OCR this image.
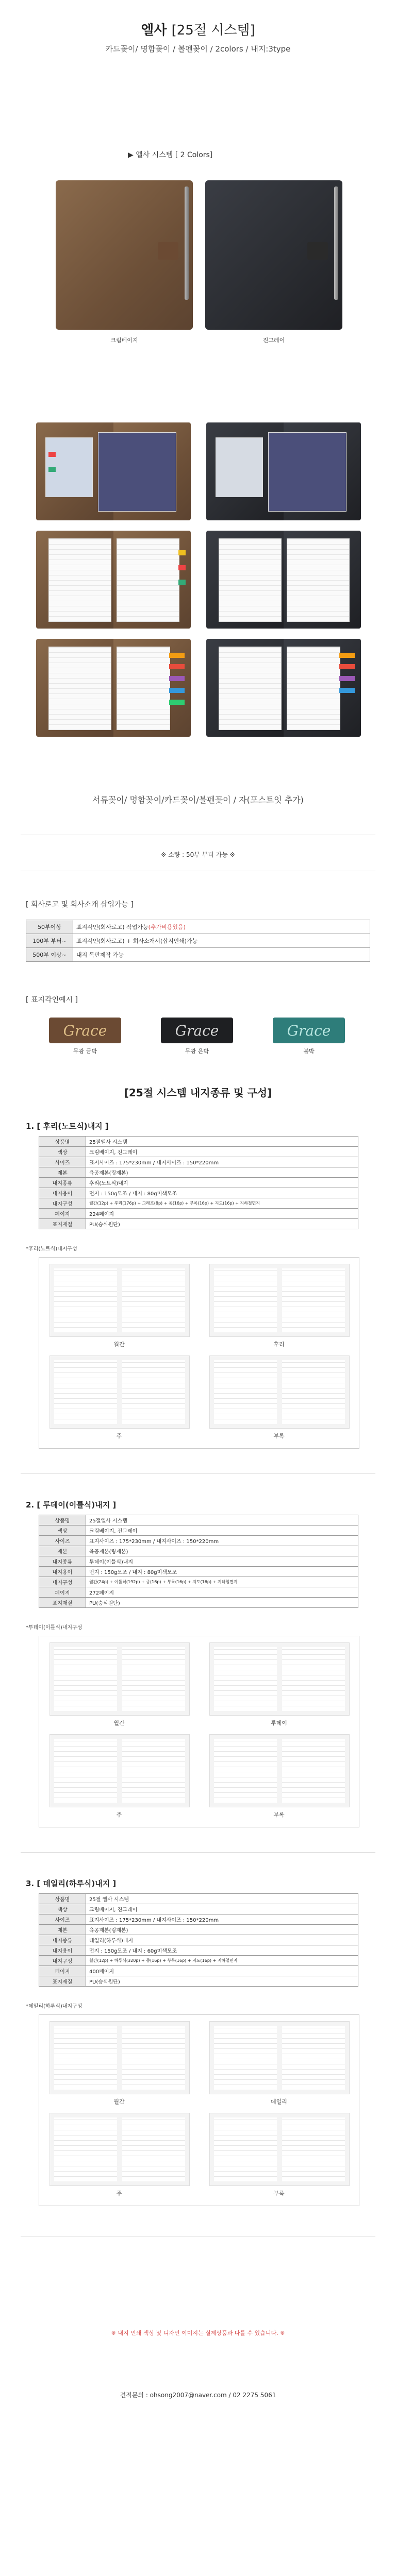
엘사 [25절 시스템]
카드꽂이/ 명함꽂이 / 볼펜꽂이 / 2colors / 내지:3type
▶ 엘사 시스템 [ 2 Colors]
크림베이지	진그레이
서류꽂이/ 명함꽂이/카드꽂이/볼펜꽂이 / 자(포스트잇 추가)
※ 소량 : 50부 부터 가능 ※
[ 회사로고 및 회사소개 삽입가능 ]
50부이상	표지각인(회사로고) 작업가능(추가비용있음)
100부 부터~	표지각인(회사로고) + 회사소개서(삽지인쇄)가능
500부 이상~	내지 독판제작 가능
[ 표지각인예시 ]
Grace	Grace	Grace
무광 금박	무광 은박	불박
[25절 시스템 내지종류 및 구성]
1. [ 후리(노트식)내지 ]
상품명	25절엘사 시스템
색상	크림베이지, 진그레이
사이즈	표지사이즈 : 175*230mm / 내지사이즈 : 150*220mm
제본	육공제본(링제본)
내지종류	후리(노트식)내지
내지용이	먼지 : 150g모조 / 내지 : 80g미색모조
내지구성	월간(12p) + 후리(176p) + 그래프(8p) + 종(16p) + 부록(16p) + 지도(16p) + 지하철면지
페이지	224페이지
표지재질	PU(승식원단)
*후리(노트식)내지구성
월간	후리
주	부록
2. [ 투데이(이틀식)내지 ]
상품명	25절엘사 시스템
색상	크림베이지, 진그레이
사이즈	표지사이즈 : 175*230mm / 내지사이즈 : 150*220mm
제본	육공제본(링제본)
내지종류	투데이(이틀식)내지
내지용이	먼지 : 150g모조 / 내지 : 80g미색모조
내지구성	월간(24p) + 이틀식(192p) + 종(16p) + 부록(16p) + 지도(16p) + 지하철면지
페이지	272페이지
표지재질	PU(승식원단)
*투데이(이틀식)내지구성
월간	투데이
주	부록
3. [ 데일리(하루식)내지 ]
상품명	25절 엘사 시스템
색상	크림베이지, 진그레이
사이즈	표지사이즈 : 175*230mm / 내지사이즈 : 150*220mm
제본	육공제본(링제본)
내지종류	데일리(하루식)내지
내지용이	먼지 : 150g모조 / 내지 : 60g미색모조
내지구성	월간(12p) + 하루식(320p) + 종(16p) + 부록(16p) + 지도(16p) + 지하철면지
페이지	400페이지
표지재질	PU(승식원단)
*데일리(하루식)내지구성
월간	데일리
주	부록
※ 내지 인쇄 색상 및 디자인 이미지는 실제상품과 다를 수 있습니다. ※
견적문의 : ohsong2007@naver.com / 02 2275 5061
